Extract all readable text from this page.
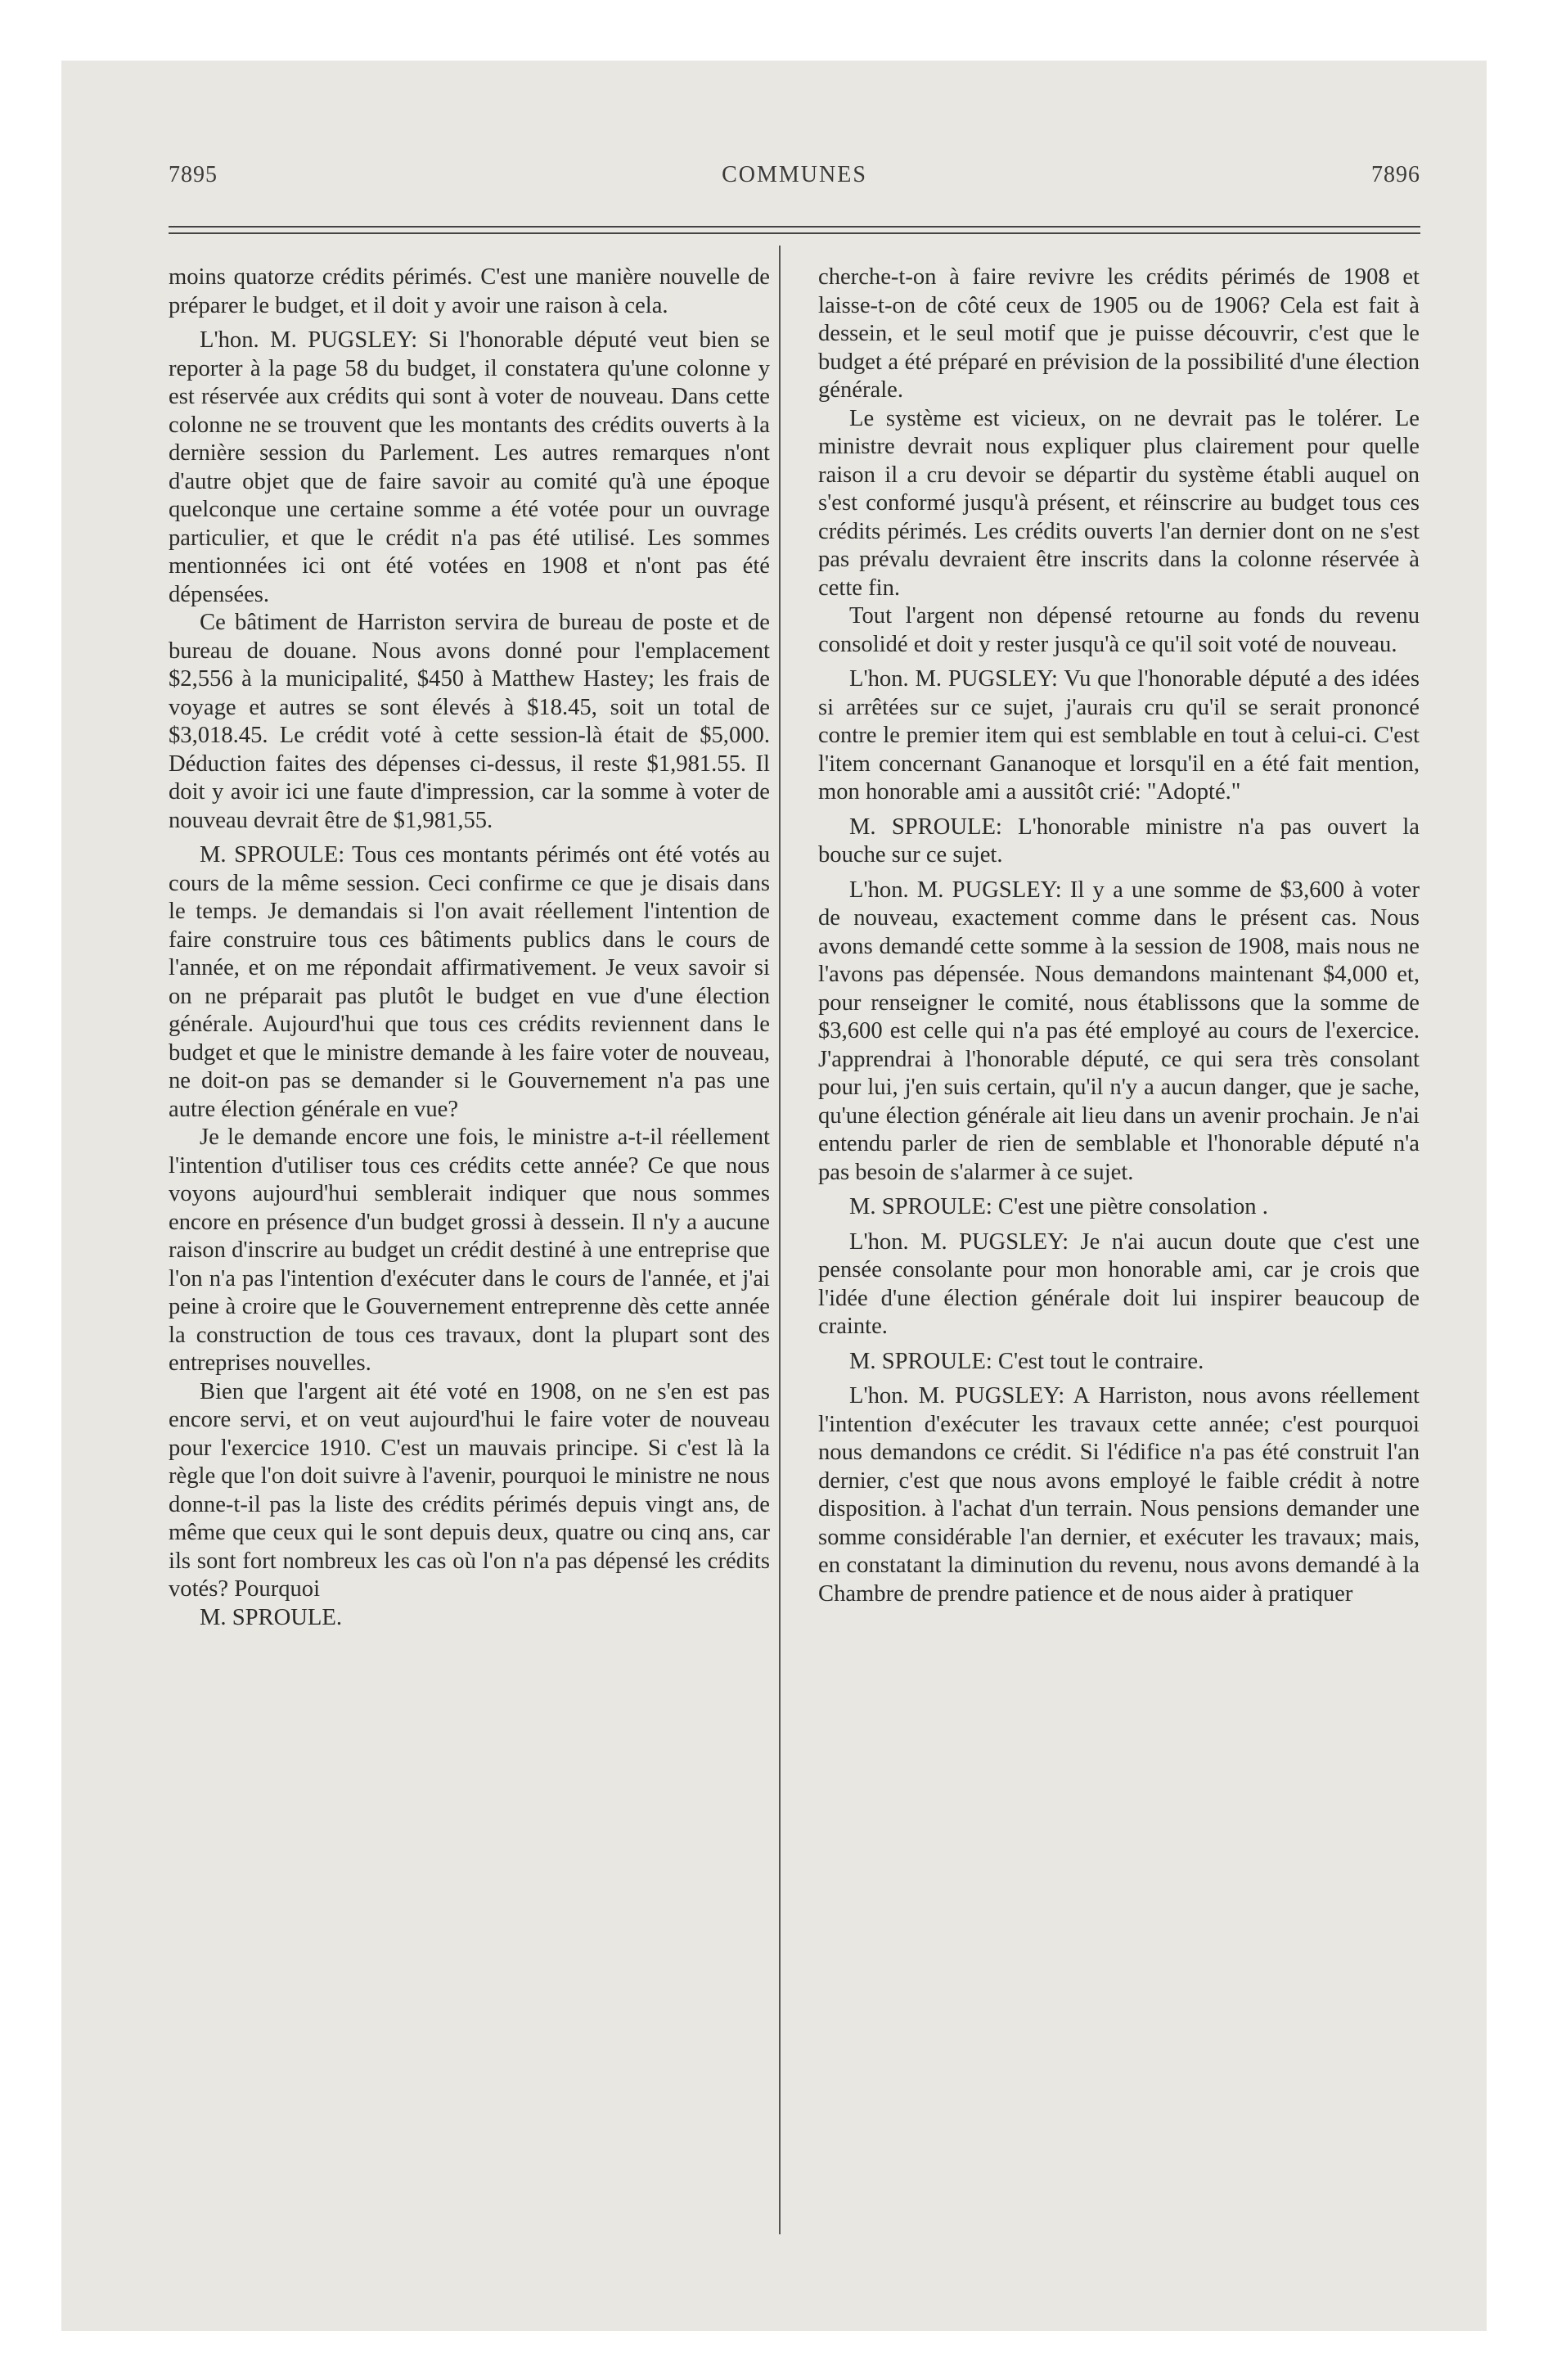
7895	COMMUNES	7896

moins quatorze crédits périmés. C'est une manière nouvelle de préparer le budget, et il doit y avoir une raison à cela.

L'hon. M. PUGSLEY: Si l'honorable député veut bien se reporter à la page 58 du budget, il constatera qu'une colonne y est réservée aux crédits qui sont à voter de nouveau. Dans cette colonne ne se trouvent que les montants des crédits ouverts à la dernière session du Parlement. Les autres remarques n'ont d'autre objet que de faire savoir au comité qu'à une époque quelconque une certaine somme a été votée pour un ouvrage particulier, et que le crédit n'a pas été utilisé. Les sommes mentionnées ici ont été votées en 1908 et n'ont pas été dépensées.

Ce bâtiment de Harriston servira de bureau de poste et de bureau de douane. Nous avons donné pour l'emplacement $2,556 à la municipalité, $450 à Matthew Hastey; les frais de voyage et autres se sont élevés à $18.45, soit un total de $3,018.45. Le crédit voté à cette session-là était de $5,000. Déduction faites des dépenses ci-dessus, il reste $1,981.55. Il doit y avoir ici une faute d'impression, car la somme à voter de nouveau devrait être de $1,981,55.

M. SPROULE: Tous ces montants périmés ont été votés au cours de la même session. Ceci confirme ce que je disais dans le temps. Je demandais si l'on avait réellement l'intention de faire construire tous ces bâtiments publics dans le cours de l'année, et on me répondait affirmativement. Je veux savoir si on ne préparait pas plutôt le budget en vue d'une élection générale. Aujourd'hui que tous ces crédits reviennent dans le budget et que le ministre demande à les faire voter de nouveau, ne doit-on pas se demander si le Gouvernement n'a pas une autre élection générale en vue?

Je le demande encore une fois, le ministre a-t-il réellement l'intention d'utiliser tous ces crédits cette année? Ce que nous voyons aujourd'hui semblerait indiquer que nous sommes encore en présence d'un budget grossi à dessein. Il n'y a aucune raison d'inscrire au budget un crédit destiné à une entreprise que l'on n'a pas l'intention d'exécuter dans le cours de l'année, et j'ai peine à croire que le Gouvernement entreprenne dès cette année la construction de tous ces travaux, dont la plupart sont des entreprises nouvelles.

Bien que l'argent ait été voté en 1908, on ne s'en est pas encore servi, et on veut aujourd'hui le faire voter de nouveau pour l'exercice 1910. C'est un mauvais principe. Si c'est là la règle que l'on doit suivre à l'avenir, pourquoi le ministre ne nous donne-t-il pas la liste des crédits périmés depuis vingt ans, de même que ceux qui le sont depuis deux, quatre ou cinq ans, car ils sont fort nombreux les cas où l'on n'a pas dépensé les crédits votés? Pourquoi

M. SPROULE.

cherche-t-on à faire revivre les crédits périmés de 1908 et laisse-t-on de côté ceux de 1905 ou de 1906? Cela est fait à dessein, et le seul motif que je puisse découvrir, c'est que le budget a été préparé en prévision de la possibilité d'une élection générale.

Le système est vicieux, on ne devrait pas le tolérer. Le ministre devrait nous expliquer plus clairement pour quelle raison il a cru devoir se départir du système établi auquel on s'est conformé jusqu'à présent, et réinscrire au budget tous ces crédits périmés. Les crédits ouverts l'an dernier dont on ne s'est pas prévalu devraient être inscrits dans la colonne réservée à cette fin.

Tout l'argent non dépensé retourne au fonds du revenu consolidé et doit y rester jusqu'à ce qu'il soit voté de nouveau.

L'hon. M. PUGSLEY: Vu que l'honorable député a des idées si arrêtées sur ce sujet, j'aurais cru qu'il se serait prononcé contre le premier item qui est semblable en tout à celui-ci. C'est l'item concernant Gananoque et lorsqu'il en a été fait mention, mon honorable ami a aussitôt crié: "Adopté."

M. SPROULE: L'honorable ministre n'a pas ouvert la bouche sur ce sujet.

L'hon. M. PUGSLEY: Il y a une somme de $3,600 à voter de nouveau, exactement comme dans le présent cas. Nous avons demandé cette somme à la session de 1908, mais nous ne l'avons pas dépensée. Nous demandons maintenant $4,000 et, pour renseigner le comité, nous établissons que la somme de $3,600 est celle qui n'a pas été employé au cours de l'exercice. J'apprendrai à l'honorable député, ce qui sera très consolant pour lui, j'en suis certain, qu'il n'y a aucun danger, que je sache, qu'une élection générale ait lieu dans un avenir prochain. Je n'ai entendu parler de rien de semblable et l'honorable député n'a pas besoin de s'alarmer à ce sujet.

M. SPROULE: C'est une piètre consolation .

L'hon. M. PUGSLEY: Je n'ai aucun doute que c'est une pensée consolante pour mon honorable ami, car je crois que l'idée d'une élection générale doit lui inspirer beaucoup de crainte.

M. SPROULE: C'est tout le contraire.

L'hon. M. PUGSLEY: A Harriston, nous avons réellement l'intention d'exécuter les travaux cette année; c'est pourquoi nous demandons ce crédit. Si l'édifice n'a pas été construit l'an dernier, c'est que nous avons employé le faible crédit à notre disposition. à l'achat d'un terrain. Nous pensions demander une somme considérable l'an dernier, et exécuter les travaux; mais, en constatant la diminution du revenu, nous avons demandé à la Chambre de prendre patience et de nous aider à pratiquer
